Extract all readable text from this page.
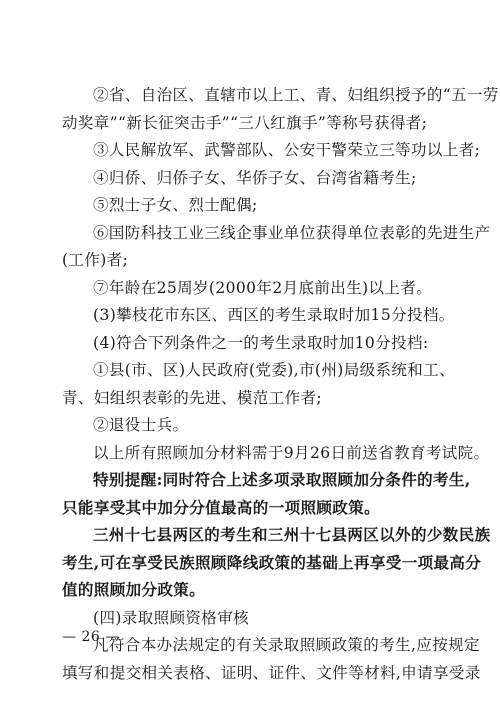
②省、自治区、直辖市以上工、青、妇组织授予的“五一劳
动奖章”“新长征突击手”“三八红旗手”等称号获得者;
③人民解放军、武警部队、公安干警荣立三等功以上者;
④归侨、归侨子女、华侨子女、台湾省籍考生;
⑤烈士子女、烈士配偶;
⑥国防科技工业三线企事业单位获得单位表彰的先进生产
(工作)者;
⑦年龄在25周岁(2000年2月底前出生)以上者。
(3)攀枝花市东区、西区的考生录取时加15分投档。
(4)符合下列条件之一的考生录取时加10分投档:
①县(市、区)人民政府(党委),市(州)局级系统和工、
青、妇组织表彰的先进、模范工作者;
②退役士兵。
以上所有照顾加分材料需于9月26日前送省教育考试院。
特别提醒:同时符合上述多项录取照顾加分条件的考生,
只能享受其中加分分值最高的一项照顾政策。
三州十七县两区的考生和三州十七县两区以外的少数民族
考生,可在享受民族照顾降线政策的基础上再享受一项最高分
值的照顾加分政策。
(四)录取照顾资格审核
凡符合本办法规定的有关录取照顾政策的考生,应按规定
填写和提交相关表格、证明、证件、文件等材料,申请享受录
— 26 —
